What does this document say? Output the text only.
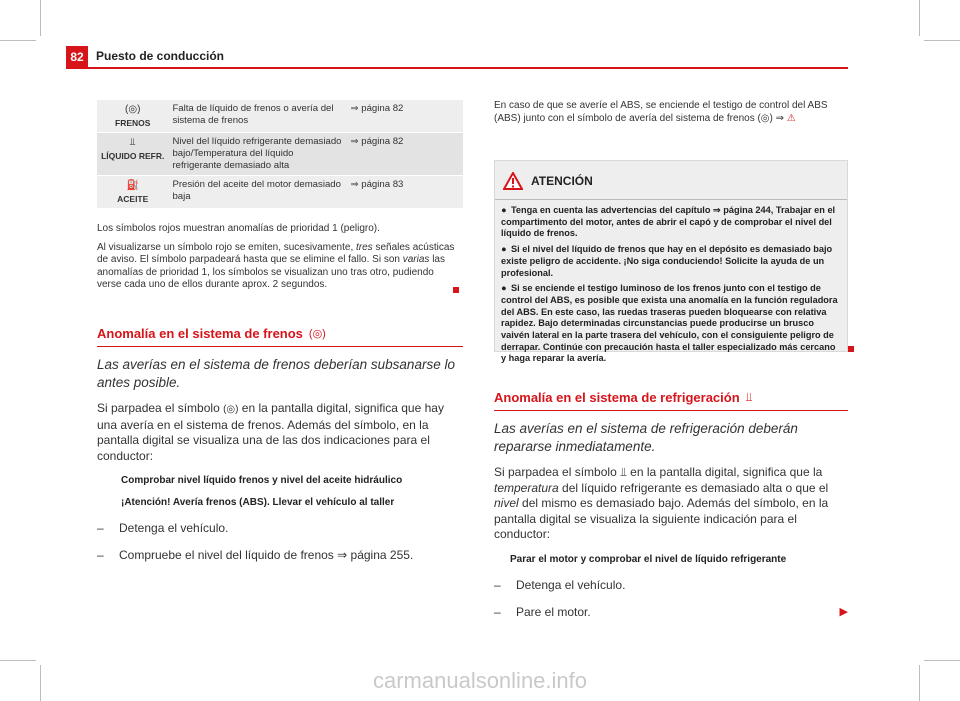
82	Puesto de conducción
(◎)
FRENOS	Falta de líquido de frenos o avería del sistema de frenos	⇒ página 82

⫫
LÍQUIDO REFR.	Nivel del líquido refrigerante demasiado bajo/Temperatura del líquido refrigerante demasiado alta	⇒ página 82

⛽
ACEITE	Presión del aceite del motor demasiado baja	⇒ página 83

Los símbolos rojos muestran anomalías de prioridad 1 (peligro).

Al visualizarse un símbolo rojo se emiten, sucesivamente, tres señales acústicas de aviso. El símbolo parpadeará hasta que se elimine el fallo. Si son varias las anomalías de prioridad 1, los símbolos se visualizan uno tras otro, pudiendo verse cada uno de ellos durante aprox. 2 segundos.

Anomalía en el sistema de frenos (◎)

Las averías en el sistema de frenos deberían subsanarse lo antes posible.

Si parpadea el símbolo (◎) en la pantalla digital, significa que hay una avería en el sistema de frenos. Además del símbolo, en la pantalla digital se visualiza una de las dos indicaciones para el conductor:

Comprobar nivel líquido frenos y nivel del aceite hidráulico
¡Atención! Avería frenos (ABS). Llevar el vehículo al taller
– Detenga el vehículo.
– Compruebe el nivel del líquido de frenos ⇒ página 255.

En caso de que se averíe el ABS, se enciende el testigo de control del ABS (ABS) junto con el símbolo de avería del sistema de frenos (◎) ⇒ ⚠

ATENCIÓN

● Tenga en cuenta las advertencias del capítulo ⇒ página 244, Trabajar en el compartimento del motor, antes de abrir el capó y de comprobar el nivel del líquido de frenos.

● Si el nivel del líquido de frenos que hay en el depósito es demasiado bajo existe peligro de accidente. ¡No siga conduciendo! Solicite la ayuda de un profesional.

● Si se enciende el testigo luminoso de los frenos junto con el testigo de control del ABS, es posible que exista una anomalía en la función reguladora del ABS. En este caso, las ruedas traseras pueden bloquearse con relativa rapidez. Bajo determinadas circunstancias puede producirse un brusco vaivén lateral en la parte trasera del vehículo, con el consiguiente peligro de derrapar. Continúe con precaución hasta el taller especializado más cercano y haga reparar la avería.

Anomalía en el sistema de refrigeración ⫫

Las averías en el sistema de refrigeración deberán repararse inmediatamente.

Si parpadea el símbolo ⫫ en la pantalla digital, significa que la temperatura del líquido refrigerante es demasiado alta o que el nivel del mismo es demasiado bajo. Además del símbolo, en la pantalla digital se visualiza la siguiente indicación para el conductor:

Parar el motor y comprobar el nivel de líquido refrigerante
– Detenga el vehículo.
– Pare el motor.	▶
carmanualsonline.info
